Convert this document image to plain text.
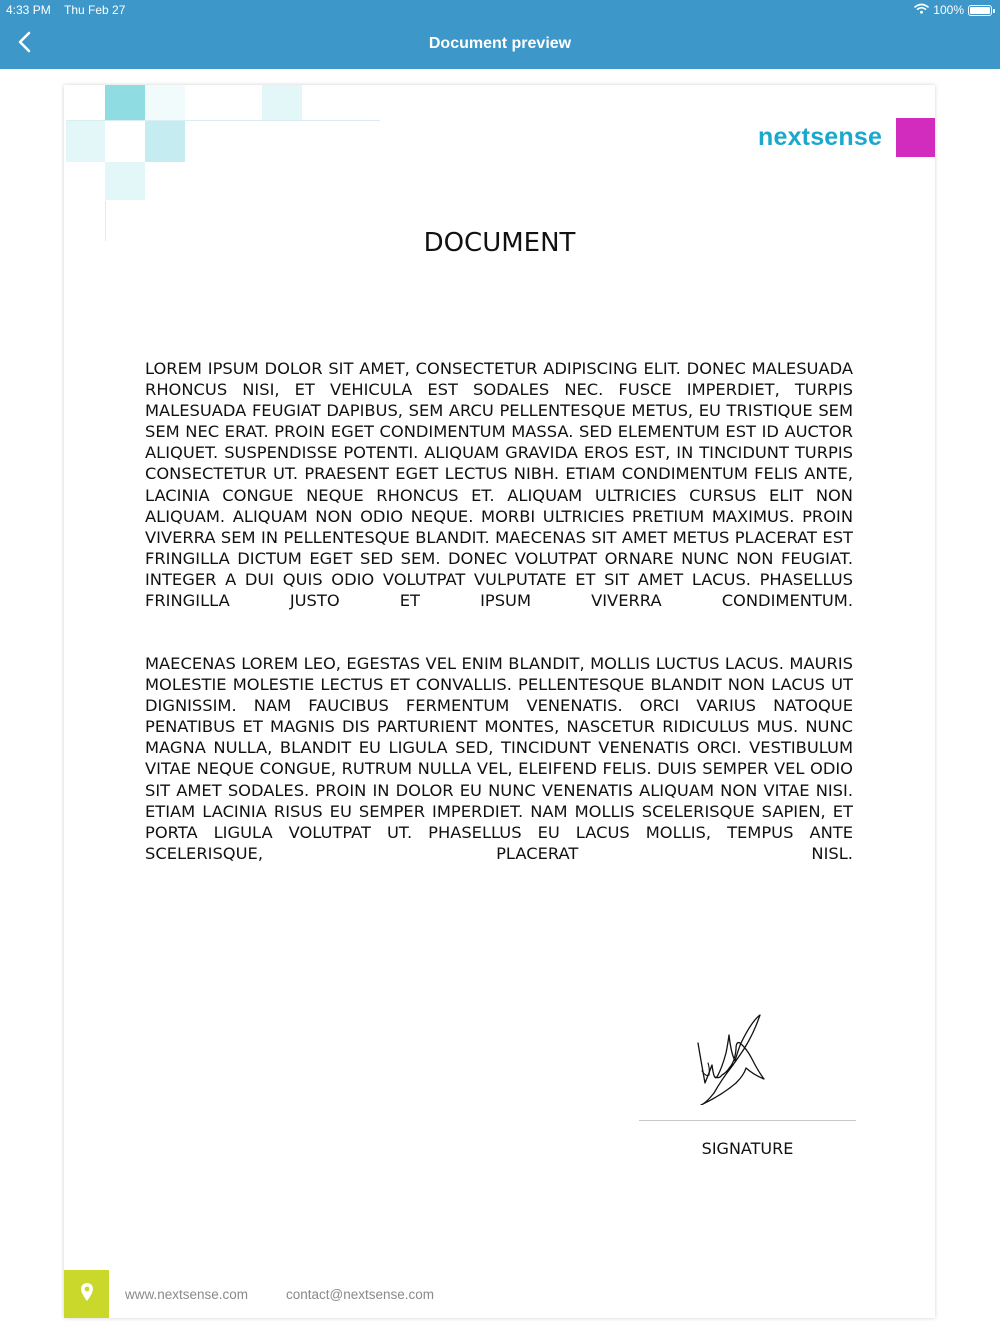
4:33 PM Thu Feb 27	100%
Document preview
nextsense
DOCUMENT
LOREM IPSUM DOLOR SIT AMET, CONSECTETUR ADIPISCING ELIT. DONEC MALESUADA RHONCUS NISI, ET VEHICULA EST SODALES NEC. FUSCE IMPERDIET, TURPIS MALESUADA FEUGIAT DAPIBUS, SEM ARCU PELLENTESQUE METUS, EU TRISTIQUE SEM SEM NEC ERAT. PROIN EGET CONDIMENTUM MASSA. SED ELEMENTUM EST ID AUCTOR ALIQUET. SUSPENDISSE POTENTI. ALIQUAM GRAVIDA EROS EST, IN TINCIDUNT TURPIS CONSECTETUR UT. PRAESENT EGET LECTUS NIBH. ETIAM CONDIMENTUM FELIS ANTE, LACINIA CONGUE NEQUE RHONCUS ET. ALIQUAM ULTRICIES CURSUS ELIT NON ALIQUAM. ALIQUAM NON ODIO NEQUE. MORBI ULTRICIES PRETIUM MAXIMUS. PROIN VIVERRA SEM IN PELLENTESQUE BLANDIT. MAECENAS SIT AMET METUS PLACERAT EST FRINGILLA DICTUM EGET SED SEM. DONEC VOLUTPAT ORNARE NUNC NON FEUGIAT. INTEGER A DUI QUIS ODIO VOLUTPAT VULPUTATE ET SIT AMET LACUS. PHASELLUS FRINGILLA JUSTO ET IPSUM VIVERRA CONDIMENTUM.
MAECENAS LOREM LEO, EGESTAS VEL ENIM BLANDIT, MOLLIS LUCTUS LACUS. MAURIS MOLESTIE MOLESTIE LECTUS ET CONVALLIS. PELLENTESQUE BLANDIT NON LACUS UT DIGNISSIM. NAM FAUCIBUS FERMENTUM VENENATIS. ORCI VARIUS NATOQUE PENATIBUS ET MAGNIS DIS PARTURIENT MONTES, NASCETUR RIDICULUS MUS. NUNC MAGNA NULLA, BLANDIT EU LIGULA SED, TINCIDUNT VENENATIS ORCI. VESTIBULUM VITAE NEQUE CONGUE, RUTRUM NULLA VEL, ELEIFEND FELIS. DUIS SEMPER VEL ODIO SIT AMET SODALES. PROIN IN DOLOR EU NUNC VENENATIS ALIQUAM NON VITAE NISI. ETIAM LACINIA RISUS EU SEMPER IMPERDIET. NAM MOLLIS SCELERISQUE SAPIEN, ET PORTA LIGULA VOLUTPAT UT. PHASELLUS EU LACUS MOLLIS, TEMPUS ANTE SCELERISQUE, PLACERAT NISL.
SIGNATURE
www.nextsense.com	contact@nextsense.com
